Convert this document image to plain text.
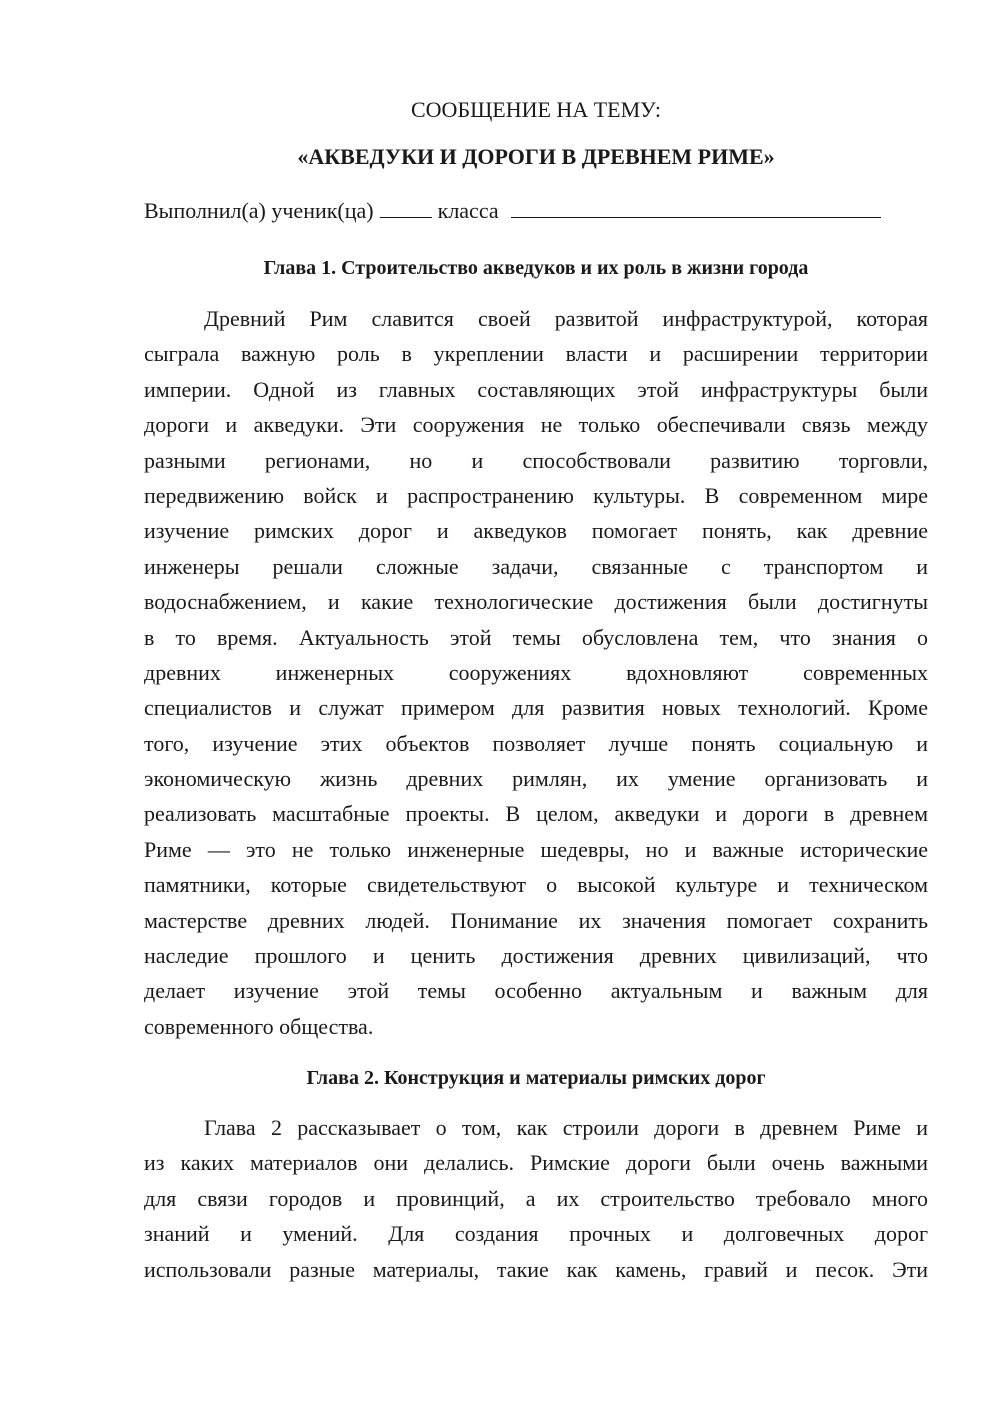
СООБЩЕНИЕ НА ТЕМУ:
«АКВЕДУКИ И ДОРОГИ В ДРЕВНЕМ РИМЕ»
Выполнил(а) ученик(ца)	класса
Глава 1. Строительство акведуков и их роль в жизни города
Древний Рим славится своей развитой инфраструктурой, которая
сыграла важную роль в укреплении власти и расширении территории
империи. Одной из главных составляющих этой инфраструктуры были
дороги и акведуки. Эти сооружения не только обеспечивали связь между
разными регионами, но и способствовали развитию торговли,
передвижению войск и распространению культуры. В современном мире
изучение римских дорог и акведуков помогает понять, как древние
инженеры решали сложные задачи, связанные с транспортом и
водоснабжением, и какие технологические достижения были достигнуты
в то время. Актуальность этой темы обусловлена тем, что знания о
древних инженерных сооружениях вдохновляют современных
специалистов и служат примером для развития новых технологий. Кроме
того, изучение этих объектов позволяет лучше понять социальную и
экономическую жизнь древних римлян, их умение организовать и
реализовать масштабные проекты. В целом, акведуки и дороги в древнем
Риме — это не только инженерные шедевры, но и важные исторические
памятники, которые свидетельствуют о высокой культуре и техническом
мастерстве древних людей. Понимание их значения помогает сохранить
наследие прошлого и ценить достижения древних цивилизаций, что
делает изучение этой темы особенно актуальным и важным для
современного общества.
Глава 2. Конструкция и материалы римских дорог
Глава 2 рассказывает о том, как строили дороги в древнем Риме и
из каких материалов они делались. Римские дороги были очень важными
для связи городов и провинций, а их строительство требовало много
знаний и умений. Для создания прочных и долговечных дорог
использовали разные материалы, такие как камень, гравий и песок. Эти
